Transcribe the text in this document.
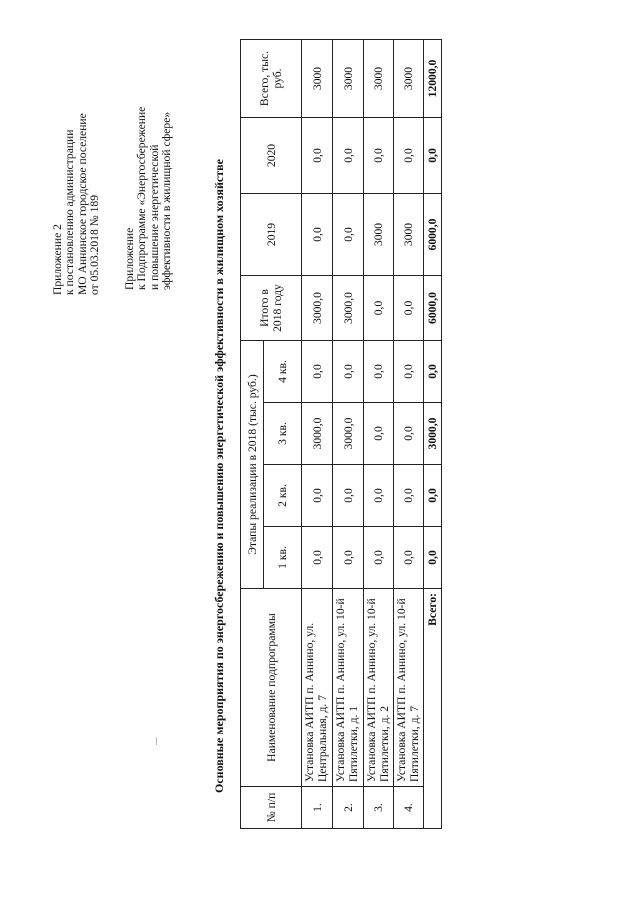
Приложение 2 к постановлению администрации МО Аннинское городское поселение от 05.03.2018 № 189 Приложение к Подпрограмме «Энергосбережение и повышение энергетической эффективности в жилищной сфере»	Основные мероприятия по энергосбережению и повышению энергетической эффективности в жилищном хозяйстве
№ п/п	Наименование подпрограммы	Этапы реализации в 2018 (тыс. руб.)				Итого в 2018 году	2019	2020	Всего, тыс. руб.
		1 кв.	2 кв.	3 кв.	4 кв.				
1.	Установка АИТП п. Аннино, ул. Центральная, д. 7	0,0	0,0	3000,0	0,0	3000,0	0,0	0,0	3000
2.	Установка АИТП п. Аннино, ул. 10-й Пятилетки, д. 1	0,0	0,0	3000,0	0,0	3000,0	0,0	0,0	3000
3.	Установка АИТП п. Аннино, ул. 10-й Пятилетки, д. 2	0,0	0,0	0,0	0,0	0,0	3000	0,0	3000
4.	Установка АИТП п. Аннино, ул. 10-й Пятилетки, д. 7	0,0	0,0	0,0	0,0	0,0	3000	0,0	3000
Всего:		0,0	0,0	3000,0	0,0	6000,0	6000,0	0,0	12000,0
